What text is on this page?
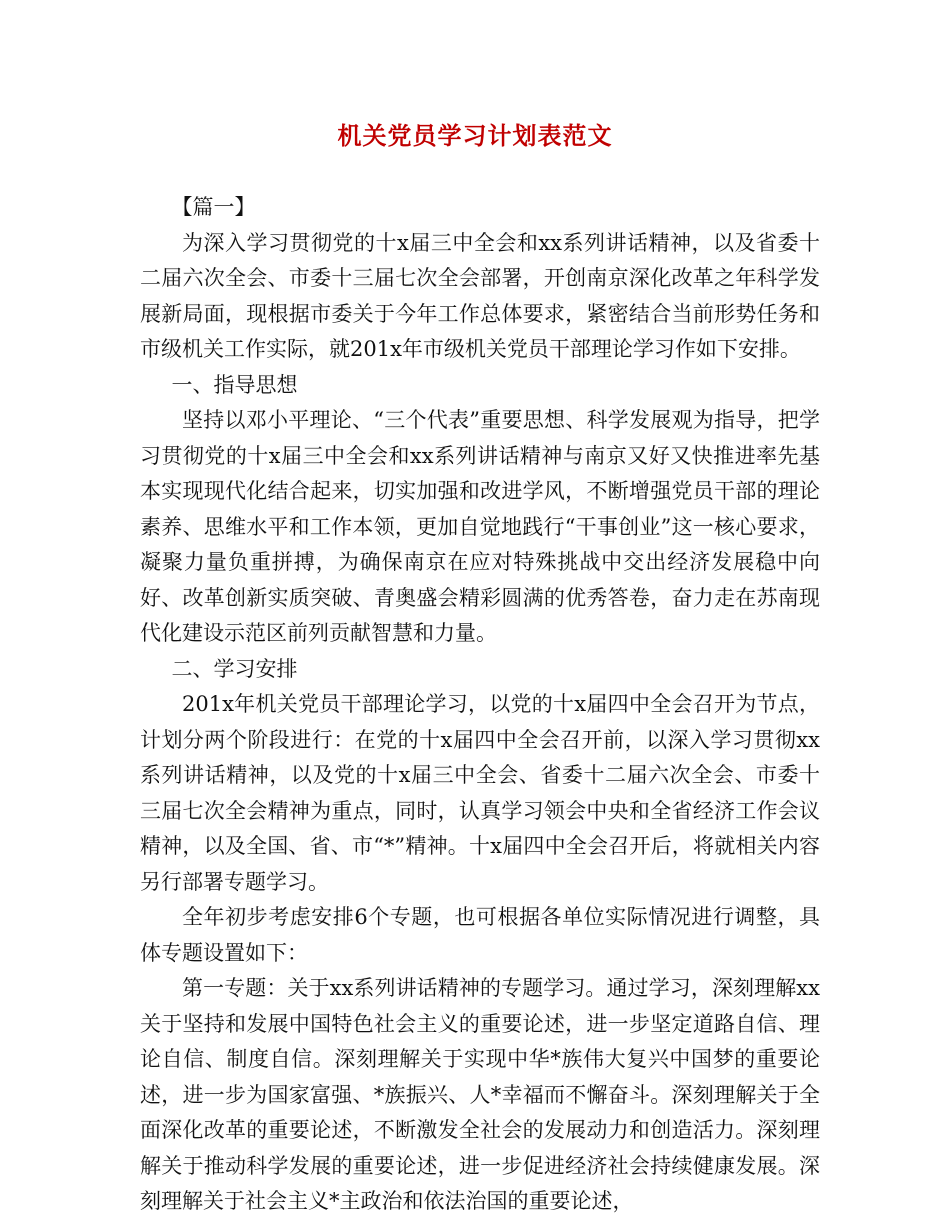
机关党员学习计划表范文

【篇一】

为深入学习贯彻党的十x届三中全会和xx系列讲话精神，以及省委十二届六次全会、市委十三届七次全会部署，开创南京深化改革之年科学发展新局面，现根据市委关于今年工作总体要求，紧密结合当前形势任务和市级机关工作实际，就201x年市级机关党员干部理论学习作如下安排。

一、指导思想

坚持以邓小平理论、“三个代表”重要思想、科学发展观为指导，把学习贯彻党的十x届三中全会和xx系列讲话精神与南京又好又快推进率先基本实现现代化结合起来，切实加强和改进学风，不断增强党员干部的理论素养、思维水平和工作本领，更加自觉地践行“干事创业”这一核心要求，凝聚力量负重拼搏，为确保南京在应对特殊挑战中交出经济发展稳中向好、改革创新实质突破、青奥盛会精彩圆满的优秀答卷，奋力走在苏南现代化建设示范区前列贡献智慧和力量。

二、学习安排

201x年机关党员干部理论学习，以党的十x届四中全会召开为节点，计划分两个阶段进行：在党的十x届四中全会召开前，以深入学习贯彻xx系列讲话精神，以及党的十x届三中全会、省委十二届六次全会、市委十三届七次全会精神为重点，同时，认真学习领会中央和全省经济工作会议精神，以及全国、省、市“*”精神。十x届四中全会召开后，将就相关内容另行部署专题学习。

全年初步考虑安排6个专题，也可根据各单位实际情况进行调整，具体专题设置如下：

第一专题：关于xx系列讲话精神的专题学习。通过学习，深刻理解xx关于坚持和发展中国特色社会主义的重要论述，进一步坚定道路自信、理论自信、制度自信。深刻理解关于实现中华*族伟大复兴中国梦的重要论述，进一步为国家富强、*族振兴、人*幸福而不懈奋斗。深刻理解关于全面深化改革的重要论述，不断激发全社会的发展动力和创造活力。深刻理解关于推动科学发展的重要论述，进一步促进经济社会持续健康发展。深刻理解关于社会主义*主政治和依法治国的重要论述，
